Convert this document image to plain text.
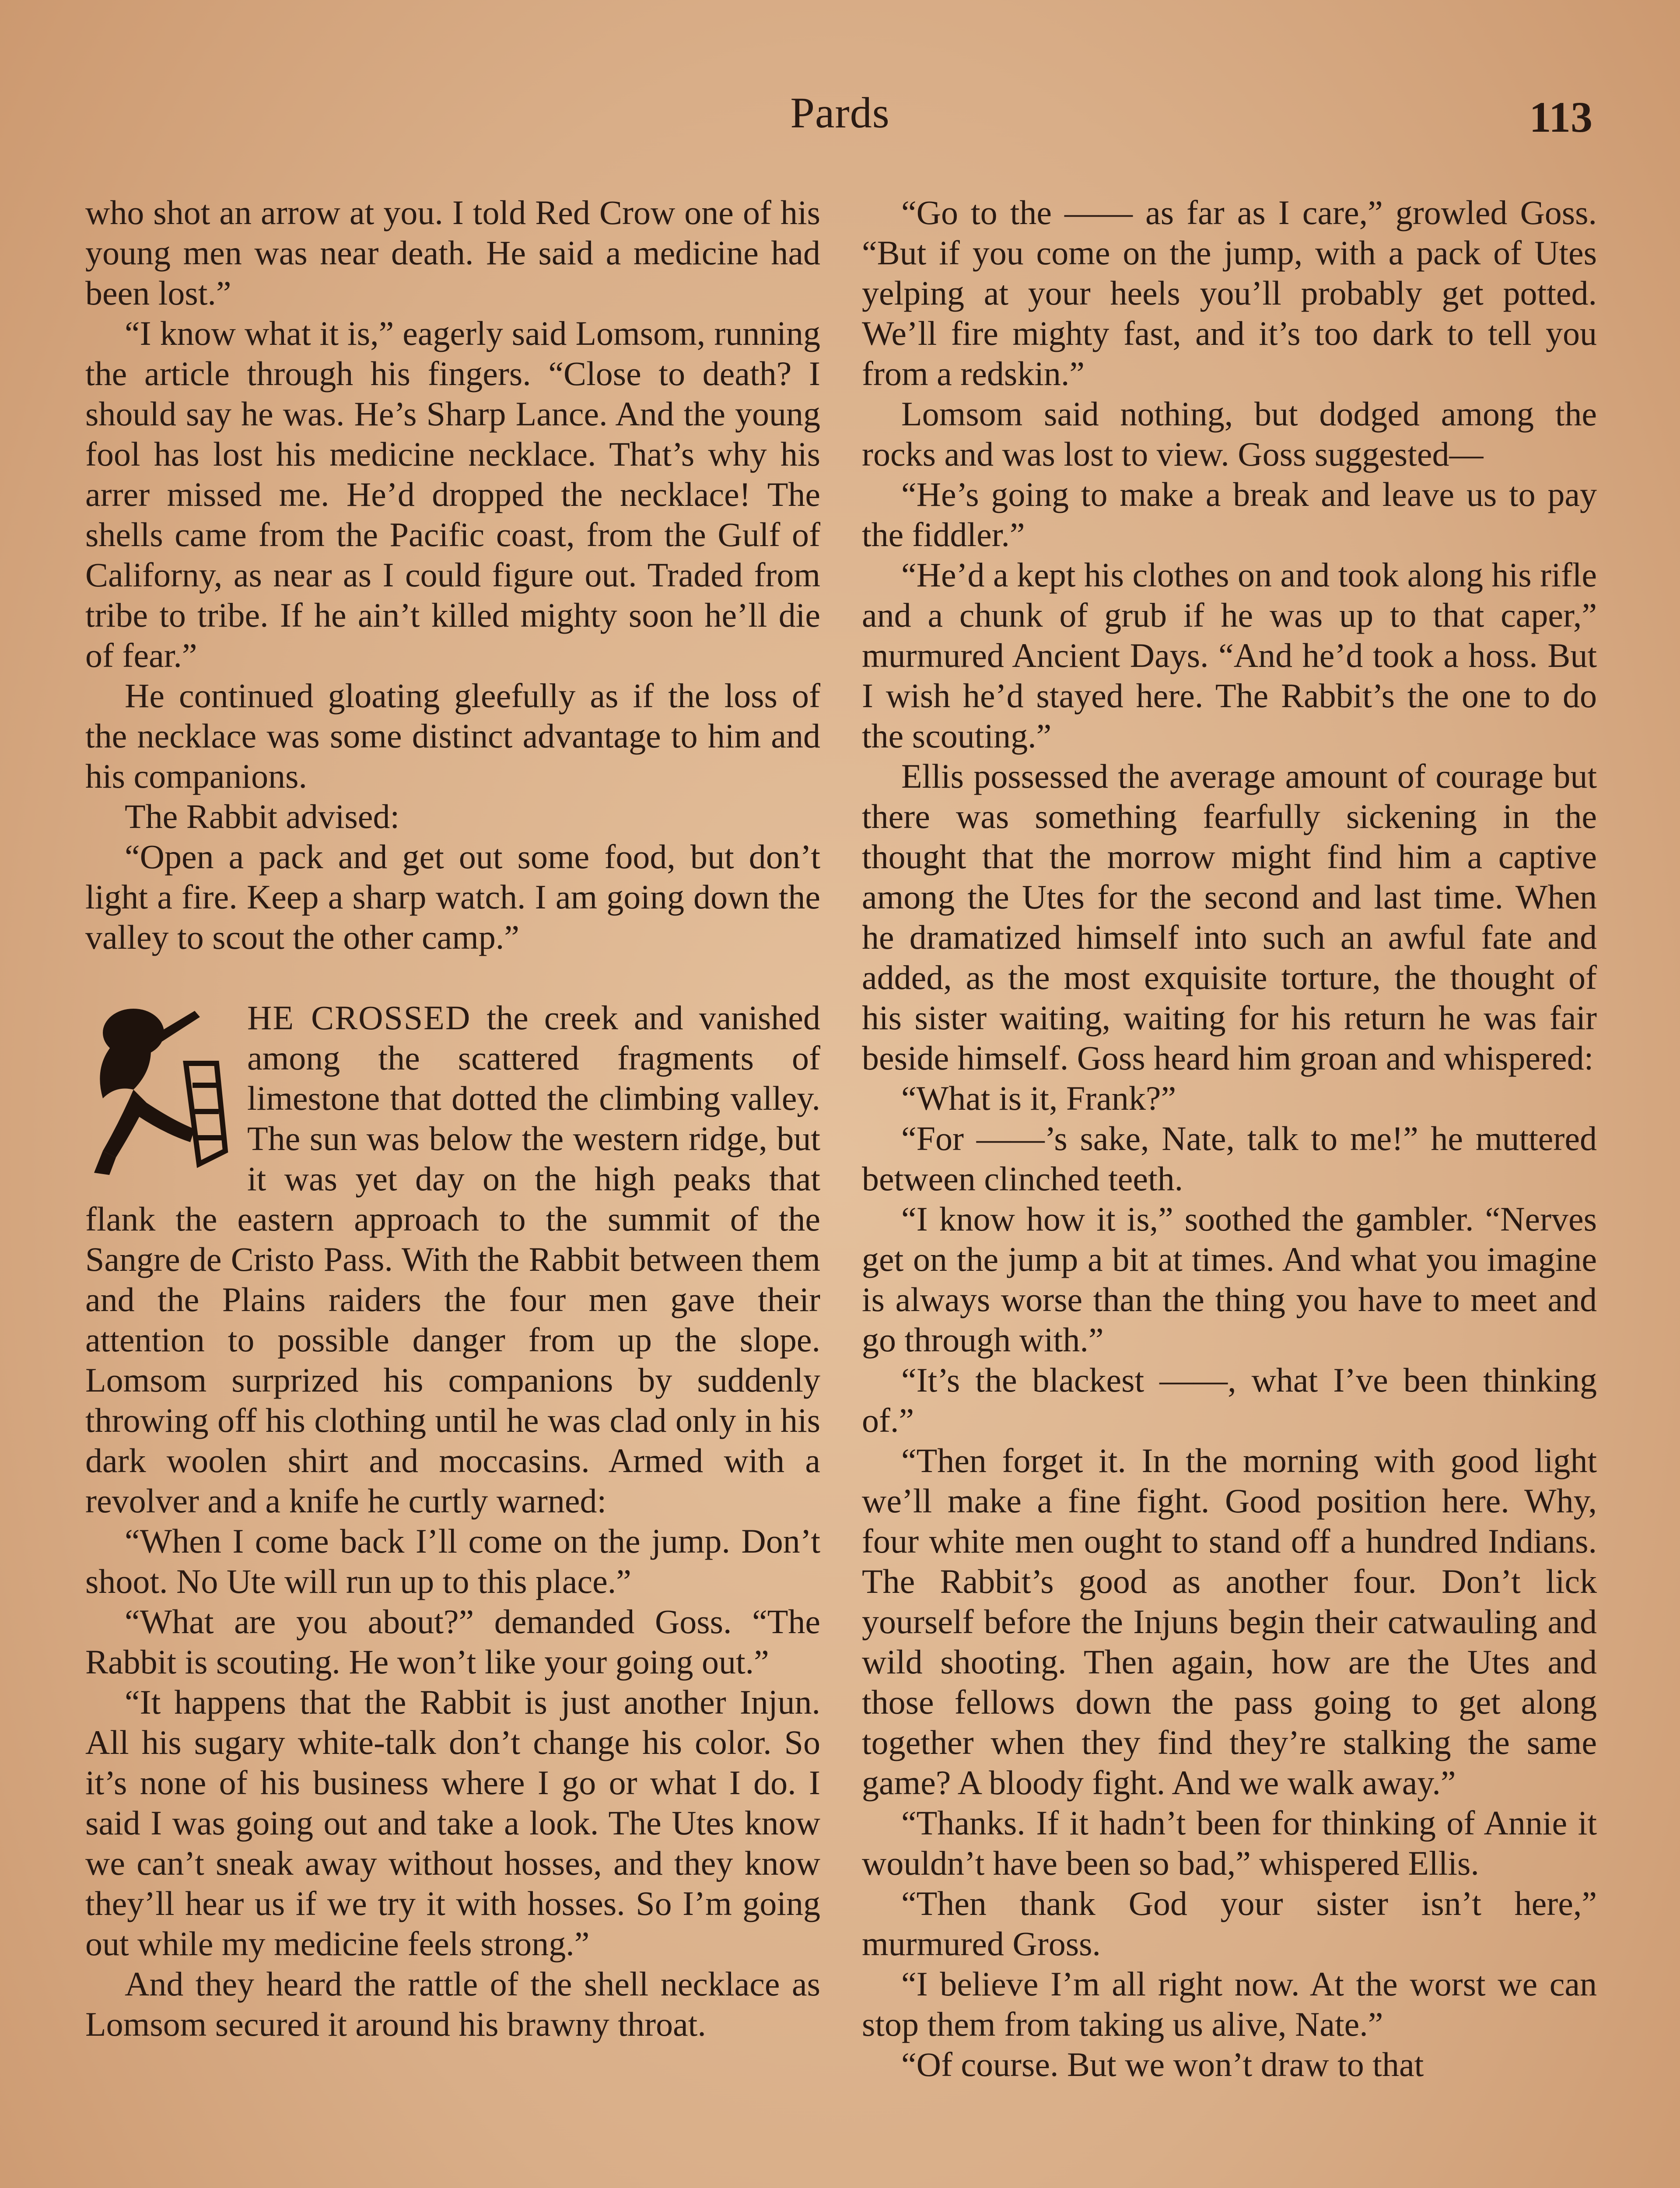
Pards	113

who shot an arrow at you. I told Red Crow one of his young men was near death. He said a medicine had been lost.”

“I know what it is,” eagerly said Lomsom, running the article through his fingers. “Close to death? I should say he was. He’s Sharp Lance. And the young fool has lost his medicine necklace. That’s why his arrer missed me. He’d dropped the necklace! The shells came from the Pacific coast, from the Gulf of Californy, as near as I could figure out. Traded from tribe to tribe. If he ain’t killed mighty soon he’ll die of fear.”

He continued gloating gleefully as if the loss of the necklace was some distinct advantage to him and his companions.

The Rabbit advised:

“Open a pack and get out some food, but don’t light a fire. Keep a sharp watch. I am going down the valley to scout the other camp.”

HE CROSSED the creek and vanished among the scattered fragments of limestone that dotted the climbing valley. The sun was below the western ridge, but it was yet day on the high peaks that flank the eastern approach to the summit of the Sangre de Cristo Pass. With the Rabbit between them and the Plains raiders the four men gave their attention to possible danger from up the slope. Lomsom surprized his companions by suddenly throwing off his clothing until he was clad only in his dark woolen shirt and moccasins. Armed with a revolver and a knife he curtly warned:

“When I come back I’ll come on the jump. Don’t shoot. No Ute will run up to this place.”

“What are you about?” demanded Goss. “The Rabbit is scouting. He won’t like your going out.”

“It happens that the Rabbit is just another Injun. All his sugary white-talk don’t change his color. So it’s none of his business where I go or what I do. I said I was going out and take a look. The Utes know we can’t sneak away without hosses, and they know they’ll hear us if we try it with hosses. So I’m going out while my medicine feels strong.”

And they heard the rattle of the shell necklace as Lomsom secured it around his brawny throat.

“Go to the —— as far as I care,” growled Goss. “But if you come on the jump, with a pack of Utes yelping at your heels you’ll probably get potted. We’ll fire mighty fast, and it’s too dark to tell you from a redskin.”

Lomsom said nothing, but dodged among the rocks and was lost to view. Goss suggested—

“He’s going to make a break and leave us to pay the fiddler.”

“He’d a kept his clothes on and took along his rifle and a chunk of grub if he was up to that caper,” murmured Ancient Days. “And he’d took a hoss. But I wish he’d stayed here. The Rabbit’s the one to do the scouting.”

Ellis possessed the average amount of courage but there was something fearfully sickening in the thought that the morrow might find him a captive among the Utes for the second and last time. When he dramatized himself into such an awful fate and added, as the most exquisite torture, the thought of his sister waiting, waiting for his return he was fair beside himself. Goss heard him groan and whispered:

“What is it, Frank?”

“For ——’s sake, Nate, talk to me!” he muttered between clinched teeth.

“I know how it is,” soothed the gambler. “Nerves get on the jump a bit at times. And what you imagine is always worse than the thing you have to meet and go through with.”

“It’s the blackest ——, what I’ve been thinking of.”

“Then forget it. In the morning with good light we’ll make a fine fight. Good position here. Why, four white men ought to stand off a hundred Indians. The Rabbit’s good as another four. Don’t lick yourself before the Injuns begin their catwauling and wild shooting. Then again, how are the Utes and those fellows down the pass going to get along together when they find they’re stalking the same game? A bloody fight. And we walk away.”

“Thanks. If it hadn’t been for thinking of Annie it wouldn’t have been so bad,” whispered Ellis.

“Then thank God your sister isn’t here,” murmured Gross.

“I believe I’m all right now. At the worst we can stop them from taking us alive, Nate.”

“Of course. But we won’t draw to that
